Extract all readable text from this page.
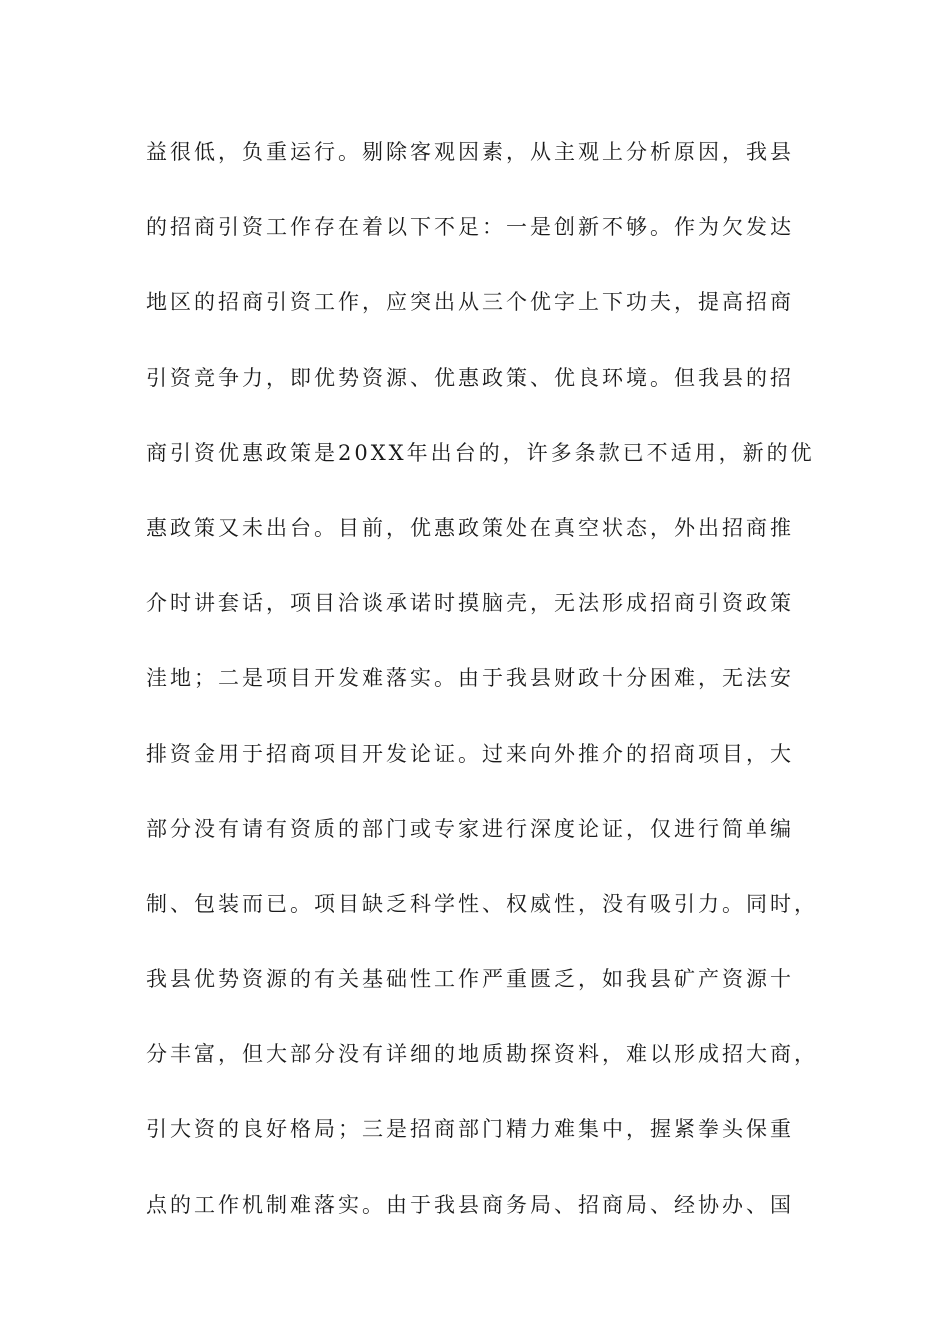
益很低，负重运行。剔除客观因素，从主观上分析原因，我县
的招商引资工作存在着以下不足：一是创新不够。作为欠发达
地区的招商引资工作，应突出从三个优字上下功夫，提高招商
引资竞争力，即优势资源、优惠政策、优良环境。但我县的招
商引资优惠政策是20XX年出台的，许多条款已不适用，新的优
惠政策又未出台。目前，优惠政策处在真空状态，外出招商推
介时讲套话，项目洽谈承诺时摸脑壳，无法形成招商引资政策
洼地；二是项目开发难落实。由于我县财政十分困难，无法安
排资金用于招商项目开发论证。过来向外推介的招商项目，大
部分没有请有资质的部门或专家进行深度论证，仅进行简单编
制、包装而已。项目缺乏科学性、权威性，没有吸引力。同时，
我县优势资源的有关基础性工作严重匮乏，如我县矿产资源十
分丰富，但大部分没有详细的地质勘探资料，难以形成招大商，
引大资的良好格局；三是招商部门精力难集中，握紧拳头保重
点的工作机制难落实。由于我县商务局、招商局、经协办、国
